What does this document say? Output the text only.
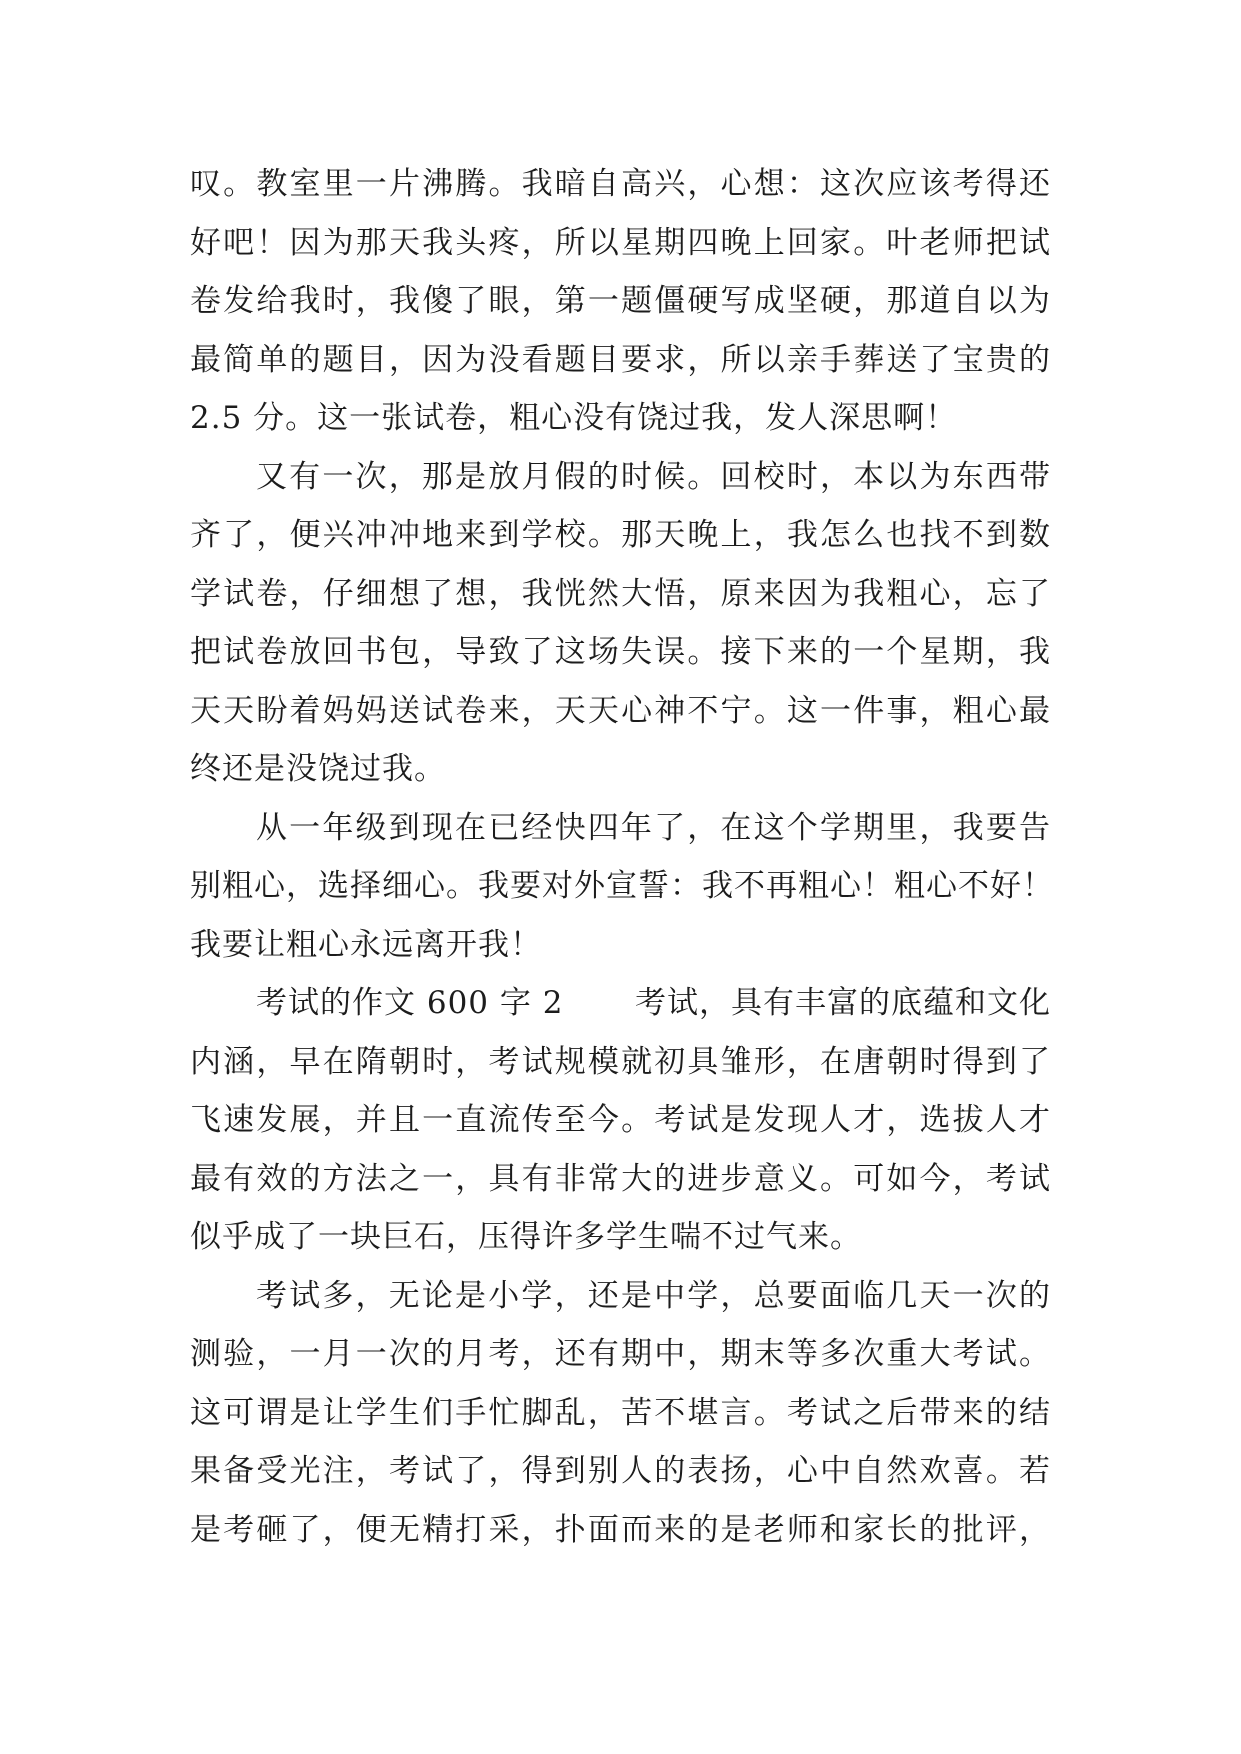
叹。教室里一片沸腾。我暗自高兴，心想：这次应该考得还
好吧！因为那天我头疼，所以星期四晚上回家。叶老师把试
卷发给我时，我傻了眼，第一题僵硬写成坚硬，那道自以为
最简单的题目，因为没看题目要求，所以亲手葬送了宝贵的
2.5 分。这一张试卷，粗心没有饶过我，发人深思啊！
又有一次，那是放月假的时候。回校时，本以为东西带
齐了，便兴冲冲地来到学校。那天晚上，我怎么也找不到数
学试卷，仔细想了想，我恍然大悟，原来因为我粗心，忘了
把试卷放回书包，导致了这场失误。接下来的一个星期，我
天天盼着妈妈送试卷来，天天心神不宁。这一件事，粗心最
终还是没饶过我。
从一年级到现在已经快四年了，在这个学期里，我要告
别粗心，选择细心。我要对外宣誓：我不再粗心！粗心不好！
我要让粗心永远离开我！
考试的作文 600 字 2 考试，具有丰富的底蕴和文化
内涵，早在隋朝时，考试规模就初具雏形，在唐朝时得到了
飞速发展，并且一直流传至今。考试是发现人才，选拔人才
最有效的方法之一，具有非常大的进步意义。可如今，考试
似乎成了一块巨石，压得许多学生喘不过气来。
考试多，无论是小学，还是中学，总要面临几天一次的
测验，一月一次的月考，还有期中，期末等多次重大考试。
这可谓是让学生们手忙脚乱，苦不堪言。考试之后带来的结
果备受光注，考试了，得到别人的表扬，心中自然欢喜。若
是考砸了，便无精打采，扑面而来的是老师和家长的批评，
